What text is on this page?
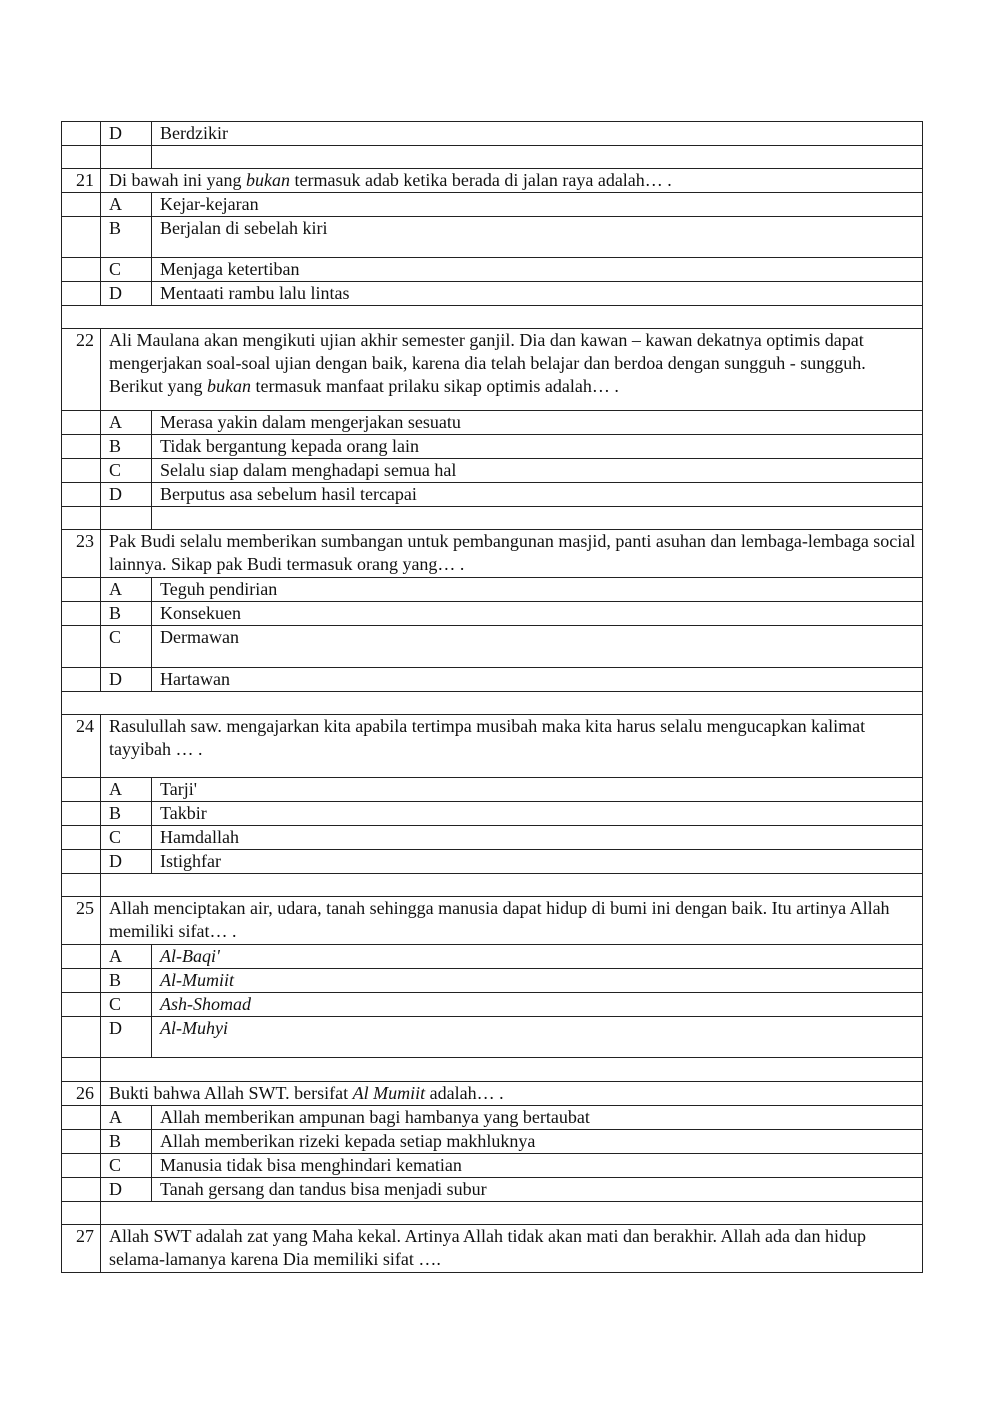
	D	Berdzikir

21	Di bawah ini yang bukan termasuk adab ketika berada di jalan raya adalah… .	
	A	Kejar-kejaran
	B	Berjalan di sebelah kiri
	C	Menjaga ketertiban
	D	Mentaati rambu lalu lintas

22	Ali Maulana akan mengikuti ujian akhir semester ganjil. Dia dan kawan – kawan dekatnya optimis dapat mengerjakan soal-soal ujian dengan baik, karena dia telah belajar dan berdoa dengan sungguh - sungguh. Berikut yang bukan termasuk manfaat prilaku sikap optimis adalah… .	
	A	Merasa yakin dalam mengerjakan sesuatu
	B	Tidak bergantung kepada orang lain
	C	Selalu siap dalam menghadapi semua hal
	D	Berputus asa sebelum hasil tercapai

23	Pak Budi selalu memberikan sumbangan untuk pembangunan masjid, panti asuhan dan lembaga-lembaga social lainnya. Sikap pak Budi termasuk orang yang… .	
	A	Teguh pendirian
	B	Konsekuen
	C	Dermawan
	D	Hartawan

24	Rasulullah saw. mengajarkan kita apabila tertimpa musibah maka kita harus selalu mengucapkan kalimat tayyibah … .	
	A	Tarji'
	B	Takbir
	C	Hamdallah
	D	Istighfar

25	Allah menciptakan air, udara, tanah sehingga manusia dapat hidup di bumi ini dengan baik. Itu artinya Allah memiliki sifat… .	
	A	Al-Baqi'
	B	Al-Mumiit
	C	Ash-Shomad
	D	Al-Muhyi

26	Bukti bahwa Allah SWT. bersifat Al Mumiit adalah… .	
	A	Allah memberikan ampunan bagi hambanya yang bertaubat
	B	Allah memberikan rizeki kepada setiap makhluknya
	C	Manusia tidak bisa menghindari kematian
	D	Tanah gersang dan tandus bisa menjadi subur

27	Allah SWT adalah zat yang Maha kekal. Artinya Allah tidak akan mati dan berakhir. Allah ada dan hidup selama-lamanya karena Dia memiliki sifat ….	
